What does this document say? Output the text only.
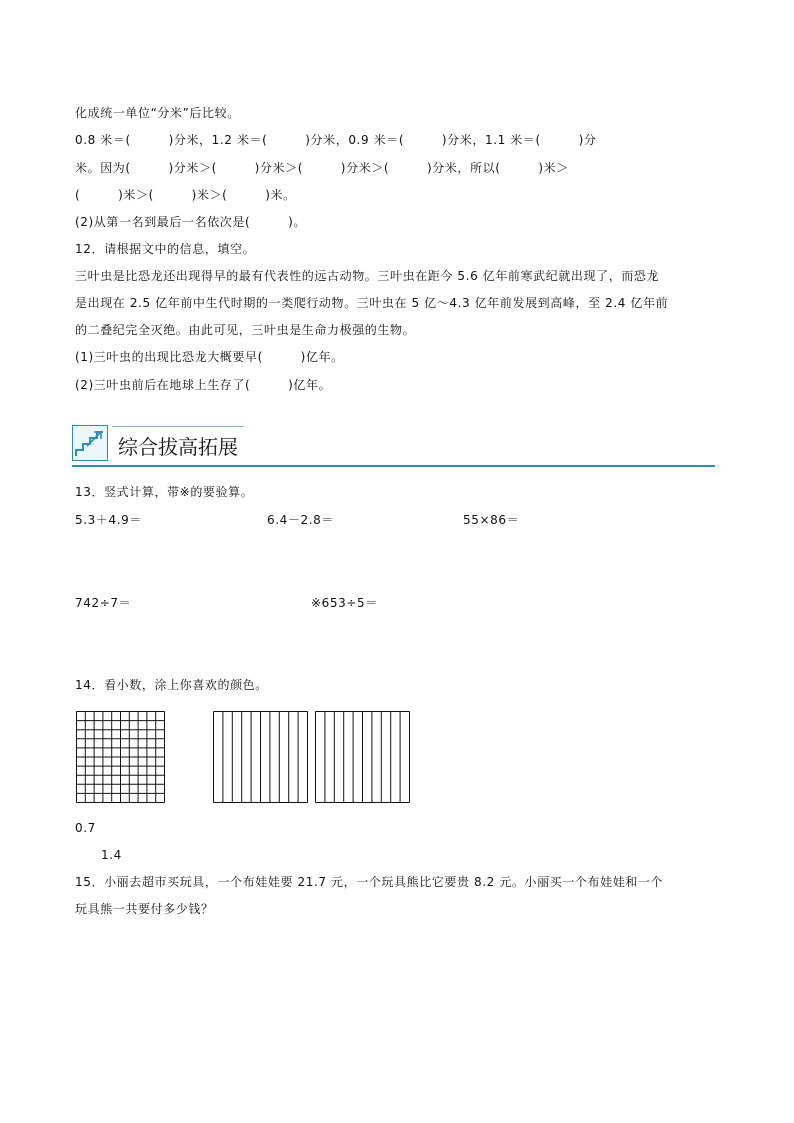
化成统一单位“分米”后比较。
0.8 米＝(　　　)分米，1.2 米＝(　　　)分米，0.9 米＝(　　　)分米，1.1 米＝(　　　)分
米。因为(　　　)分米＞(　　　)分米＞(　　　)分米＞(　　　)分米，所以(　　　)米＞
(　　　)米＞(　　　)米＞(　　　)米。
(2)从第一名到最后一名依次是(　　　)。
12．请根据文中的信息，填空。
三叶虫是比恐龙还出现得早的最有代表性的远古动物。三叶虫在距今 5.6 亿年前寒武纪就出现了，而恐龙
是出现在 2.5 亿年前中生代时期的一类爬行动物。三叶虫在 5 亿～4.3 亿年前发展到高峰，至 2.4 亿年前
的二叠纪完全灭绝。由此可见，三叶虫是生命力极强的生物。
(1)三叶虫的出现比恐龙大概要早(　　　)亿年。
(2)三叶虫前后在地球上生存了(　　　)亿年。
综合拔高拓展
13．竖式计算，带※的要验算。
5.3＋4.9＝	6.4－2.8＝	55×86＝
742÷7＝	※653÷5＝
14．看小数，涂上你喜欢的颜色。
0.7
1.4
15．小丽去超市买玩具，一个布娃娃要 21.7 元，一个玩具熊比它要贵 8.2 元。小丽买一个布娃娃和一个
玩具熊一共要付多少钱？
